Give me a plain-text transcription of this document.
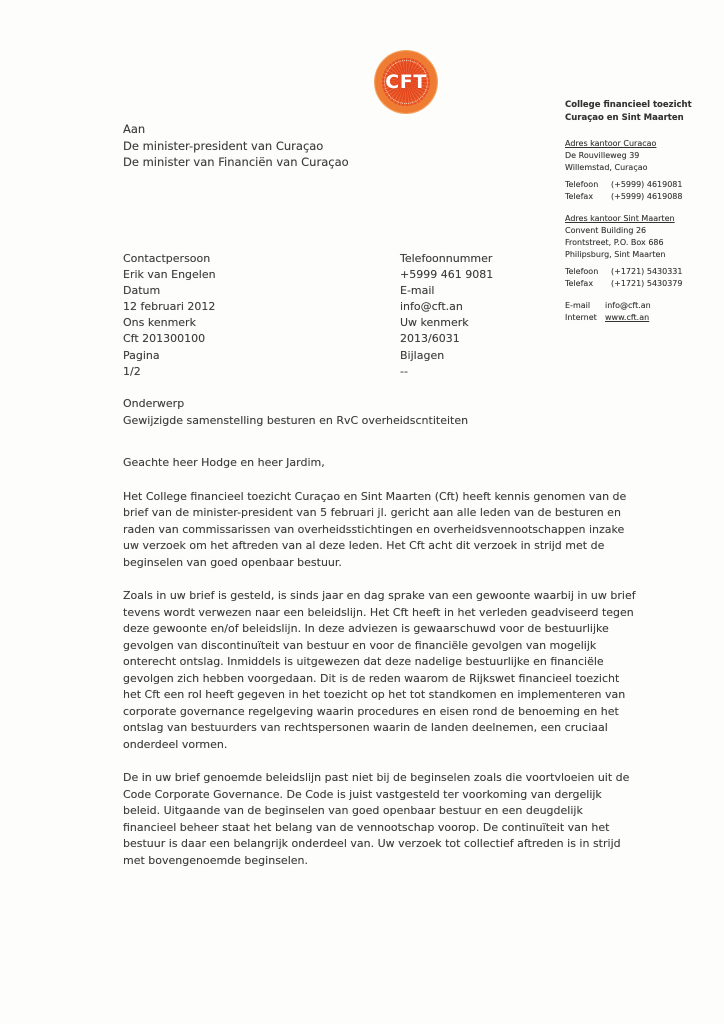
CFT
College financieel toezicht
Curaçao en Sint Maarten
Adres kantoor Curacao
De Rouvilleweg 39
Willemstad, Curaçao
Telefoon	(+5999) 4619081
Telefax	(+5999) 4619088
Adres kantoor Sint Maarten
Convent Building 26
Frontstreet, P.O. Box 686
Philipsburg, Sint Maarten
Telefoon	(+1721) 5430331
Telefax	(+1721) 5430379
E-mail	info@cft.an
Internet	www.cft.an
Aan
De minister-president van Curaçao
De minister van Financiën van Curaçao
Contactpersoon
Erik van Engelen
Datum
12 februari 2012
Ons kenmerk
Cft 201300100
Pagina
1/2
Telefoonnummer
+5999 461 9081
E-mail
info@cft.an
Uw kenmerk
2013/6031
Bijlagen
--
Onderwerp
Gewijzigde samenstelling besturen en RvC overheidscntiteiten

Geachte heer Hodge en heer Jardim,

Het College financieel toezicht Curaçao en Sint Maarten (Cft) heeft kennis genomen van de brief van de minister-president van 5 februari jl. gericht aan alle leden van de besturen en raden van commissarissen van overheidsstichtingen en overheidsvennootschappen inzake uw verzoek om het aftreden van al deze leden. Het Cft acht dit verzoek in strijd met de beginselen van goed openbaar bestuur.

Zoals in uw brief is gesteld, is sinds jaar en dag sprake van een gewoonte waarbij in uw brief tevens wordt verwezen naar een beleidslijn. Het Cft heeft in het verleden geadviseerd tegen deze gewoonte en/of beleidslijn. In deze adviezen is gewaarschuwd voor de bestuurlijke gevolgen van discontinuïteit van bestuur en voor de financiële gevolgen van mogelijk onterecht ontslag. Inmiddels is uitgewezen dat deze nadelige bestuurlijke en financiële gevolgen zich hebben voorgedaan. Dit is de reden waarom de Rijkswet financieel toezicht het Cft een rol heeft gegeven in het toezicht op het tot standkomen en implementeren van corporate governance regelgeving waarin procedures en eisen rond de benoeming en het ontslag van bestuurders van rechtspersonen waarin de landen deelnemen, een cruciaal onderdeel vormen.

De in uw brief genoemde beleidslijn past niet bij de beginselen zoals die voortvloeien uit de Code Corporate Governance. De Code is juist vastgesteld ter voorkoming van dergelijk beleid. Uitgaande van de beginselen van goed openbaar bestuur en een deugdelijk financieel beheer staat het belang van de vennootschap voorop. De continuïteit van het bestuur is daar een belangrijk onderdeel van. Uw verzoek tot collectief aftreden is in strijd met bovengenoemde beginselen.
